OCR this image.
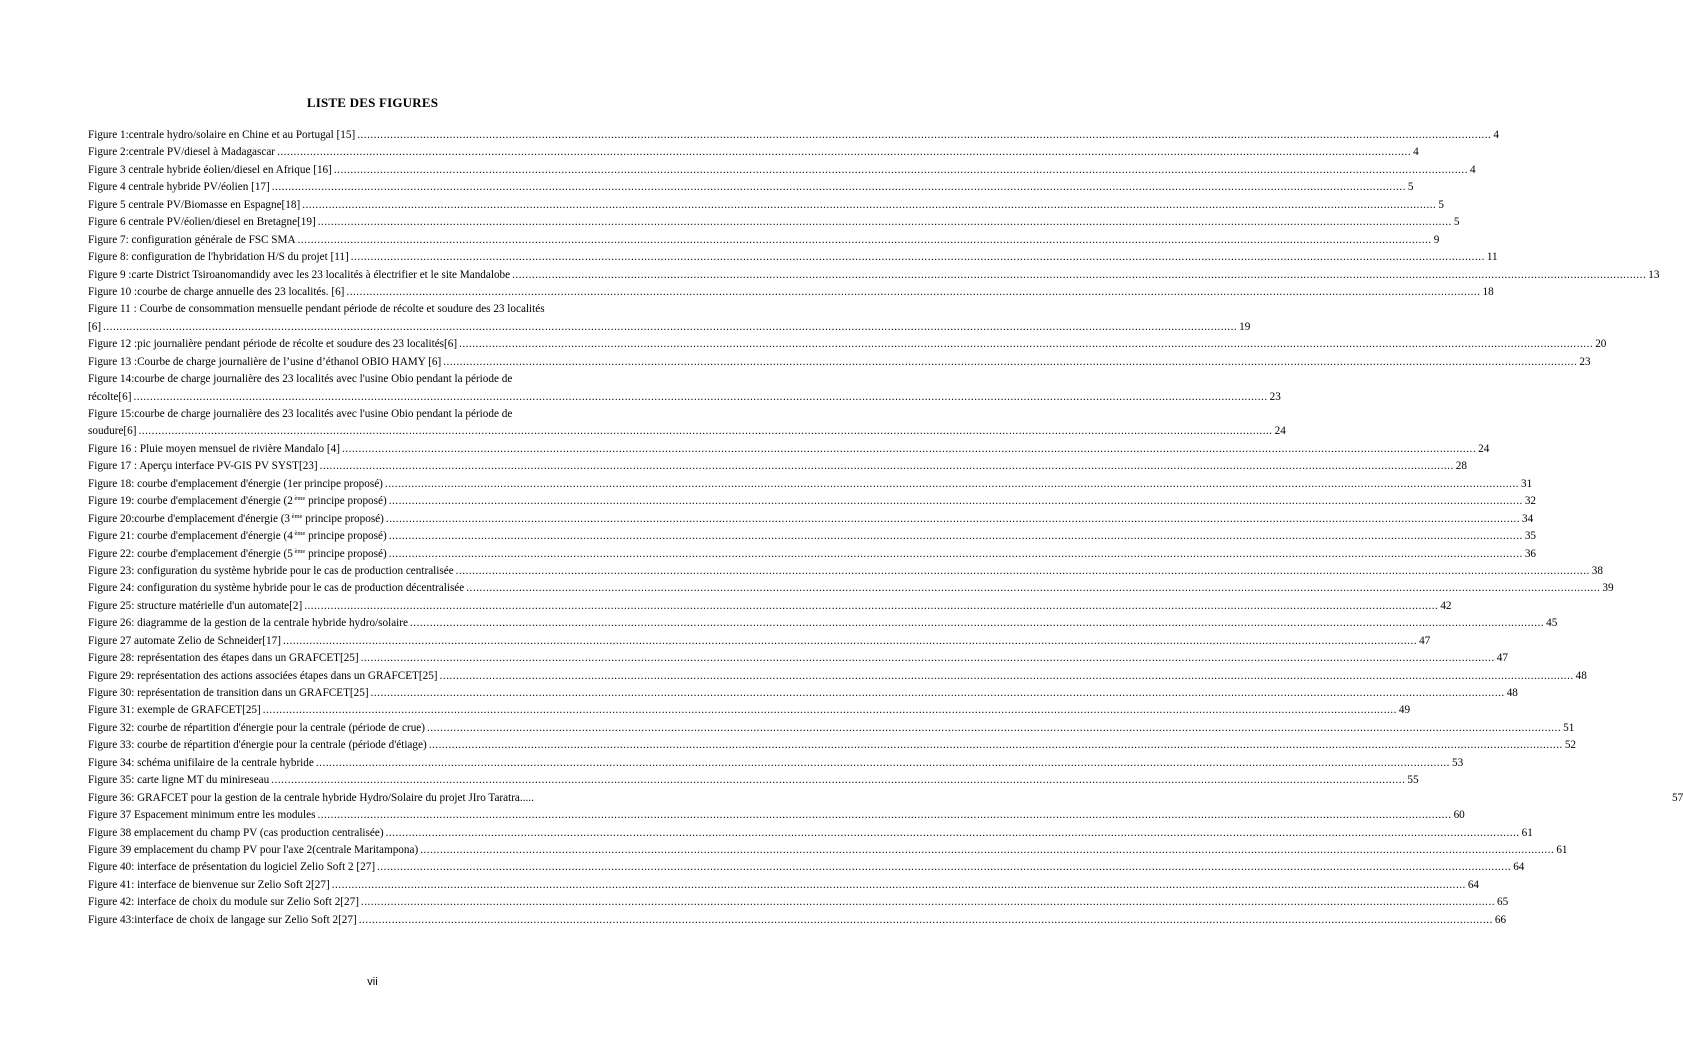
LISTE DES FIGURES
Figure 1:centrale hydro/solaire en Chine et au Portugal [15] .....	4
Figure 2:centrale PV/diesel à Madagascar .....	4
Figure 3 centrale hybride éolien/diesel en Afrique [16] .....	4
Figure 4 centrale hybride PV/éolien [17] .....	5
Figure 5 centrale PV/Biomasse en Espagne[18] .....	5
Figure 6 centrale PV/éolien/diesel en Bretagne[19] .....	5
Figure 7: configuration générale de FSC SMA .....	9
Figure 8: configuration de l'hybridation H/S du projet [11] .....	11
Figure 9 :carte District Tsiroanomandidy avec les 23 localités à électrifier et le site Mandalobe .....	13
Figure 10 :courbe de charge annuelle des 23 localités. [6] .....	18
Figure 11 : Courbe de consommation mensuelle pendant période de récolte et soudure des 23 localités
[6] .....	19
Figure 12 :pic journalière pendant période de récolte et soudure des 23 localités[6] .....	20
Figure 13 :Courbe de charge journalière de l’usine d’éthanol OBIO HAMY [6] .....	23
Figure 14:courbe de charge journalière des 23 localités avec l'usine Obio pendant la période de
récolte[6] .....	23
Figure 15:courbe de charge journalière des 23 localités avec l'usine Obio pendant la période de
soudure[6] .....	24
Figure 16 : Pluie moyen mensuel de rivière Mandalo [4] .....	24
Figure 17 : Aperçu interface PV-GIS PV SYST[23] .....	28
Figure 18: courbe d'emplacement d'énergie (1er principe proposé) .....	31
Figure 19: courbe d'emplacement d'énergie (2 $^{ème}$ principe proposé) .....	32
Figure 20:courbe d'emplacement d'énergie (3 $^{ème}$ principe proposé) .....	34
Figure 21: courbe d'emplacement d'énergie (4 $^{ème}$ principe proposé) .....	35
Figure 22: courbe d'emplacement d'énergie (5 $^{ème}$ principe proposé) .....	36
Figure 23: configuration du système hybride pour le cas de production centralisée .....	38
Figure 24: configuration du système hybride pour le cas de production décentralisée .....	39
Figure 25: structure matérielle d'un automate[2] .....	42
Figure 26: diagramme de la gestion de la centrale hybride hydro/solaire .....	45
Figure 27 automate Zelio de Schneider[17] .....	47
Figure 28: représentation des étapes dans un GRAFCET[25] .....	47
Figure 29: représentation des actions associées étapes dans un GRAFCET[25] .....	48
Figure 30: représentation de transition dans un GRAFCET[25] .....	48
Figure 31: exemple de GRAFCET[25] .....	49
Figure 32: courbe de répartition d'énergie pour la centrale (période de crue) .....	51
Figure 33: courbe de répartition d'énergie pour la centrale (période d'étiage) .....	52
Figure 34: schéma unifilaire de la centrale hybride .....	53
Figure 35: carte ligne MT du minireseau .....	55
Figure 36: GRAFCET pour la gestion de la centrale hybride Hydro/Solaire du projet JIro Taratra.....	57
Figure 37 Espacement minimum entre les modules .....	60
Figure 38 emplacement du champ PV (cas production centralisée) .....	61
Figure 39 emplacement du champ PV pour l'axe 2(centrale Maritampona) .....	61
Figure 40: interface de présentation du logiciel Zelio Soft 2 [27] .....	64
Figure 41: interface de bienvenue sur Zelio Soft 2[27] .....	64
Figure 42: interface de choix du module sur Zelio Soft 2[27] .....	65
Figure 43:interface de choix de langage sur Zelio Soft 2[27] .....	66
vii
